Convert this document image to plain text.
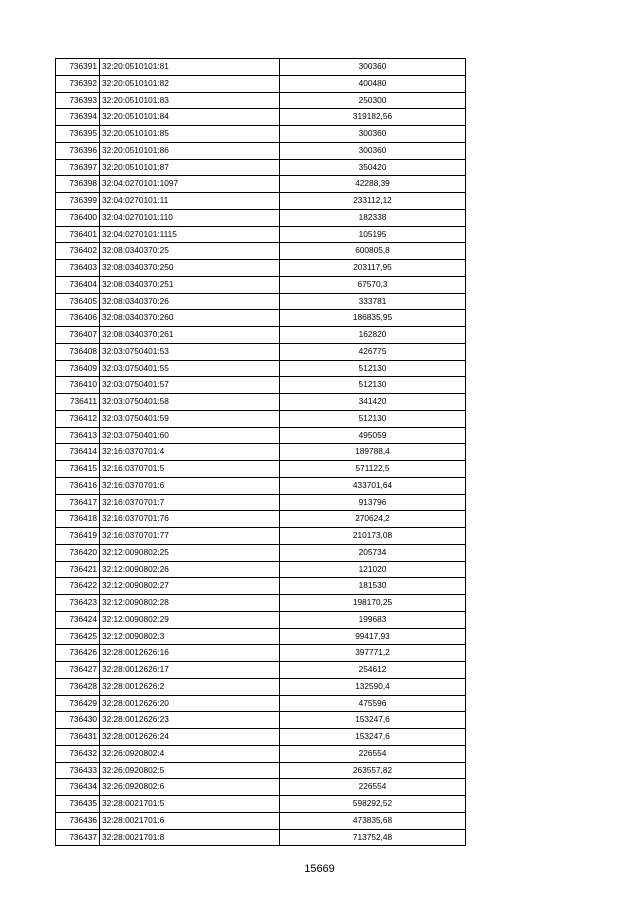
736391	32:20:0510101:81	300360
736392	32:20:0510101:82	400480
736393	32:20:0510101:83	250300
736394	32:20:0510101:84	319182,56
736395	32:20:0510101:85	300360
736396	32:20:0510101:86	300360
736397	32:20:0510101:87	350420
736398	32:04:0270101:1097	42288,39
736399	32:04:0270101:11	233112,12
736400	32:04:0270101:110	182338
736401	32:04:0270101:1115	105195
736402	32:08:0340370:25	600805,8
736403	32:08:0340370:250	203117,95
736404	32:08:0340370:251	67570,3
736405	32:08:0340370:26	333781
736406	32:08:0340370:260	186835,95
736407	32:08:0340370:261	162820
736408	32:03:0750401:53	426775
736409	32:03:0750401:55	512130
736410	32:03:0750401:57	512130
736411	32:03:0750401:58	341420
736412	32:03:0750401:59	512130
736413	32:03:0750401:60	495059
736414	32:16:0370701:4	189788,4
736415	32:16:0370701:5	571122,5
736416	32:16:0370701:6	433701,64
736417	32:16:0370701:7	913796
736418	32:16:0370701:76	270624,2
736419	32:16:0370701:77	210173,08
736420	32:12:0090802:25	205734
736421	32:12:0090802:26	121020
736422	32:12:0090802:27	181530
736423	32:12:0090802:28	198170,25
736424	32:12:0090802:29	199683
736425	32:12:0090802:3	99417,93
736426	32:28:0012626:16	397771,2
736427	32:28:0012626:17	254612
736428	32:28:0012626:2	132590,4
736429	32:28:0012626:20	475596
736430	32:28:0012626:23	153247,6
736431	32:28:0012626:24	153247,6
736432	32:26:0920802:4	226554
736433	32:26:0920802:5	263557,82
736434	32:26:0920802:6	226554
736435	32:28:0021701:5	598292,52
736436	32:28:0021701:6	473835,68
736437	32:28:0021701:8	713752,48
15669
